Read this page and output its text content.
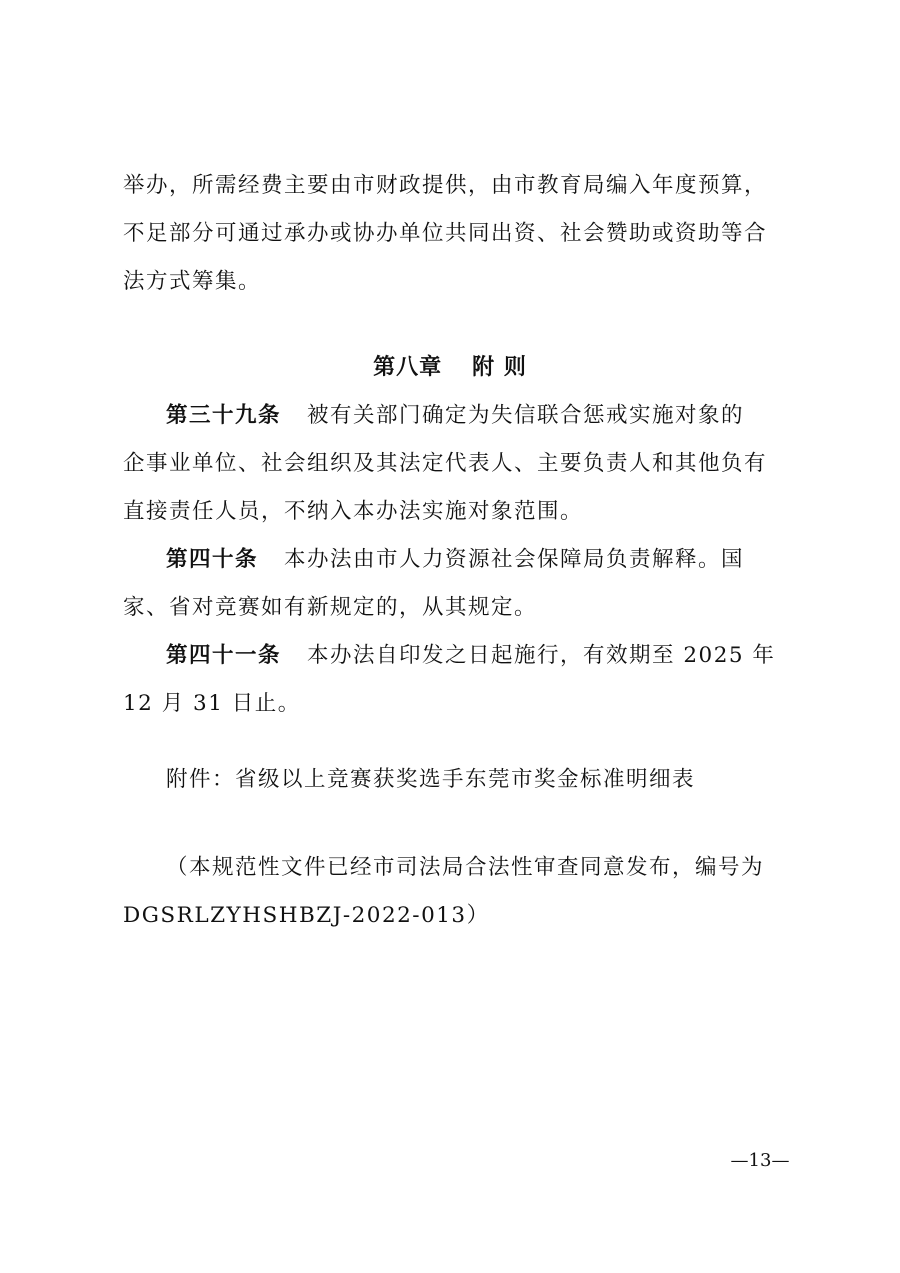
举办，所需经费主要由市财政提供，由市教育局编入年度预算，
不足部分可通过承办或协办单位共同出资、社会赞助或资助等合
法方式筹集。
第八章 附 则
第三十九条 被有关部门确定为失信联合惩戒实施对象的
企事业单位、社会组织及其法定代表人、主要负责人和其他负有
直接责任人员，不纳入本办法实施对象范围。
第四十条 本办法由市人力资源社会保障局负责解释。国
家、省对竞赛如有新规定的，从其规定。
第四十一条 本办法自印发之日起施行，有效期至 2025 年
12 月 31 日止。
附件：省级以上竞赛获奖选手东莞市奖金标准明细表
（本规范性文件已经市司法局合法性审查同意发布，编号为
DGSRLZYHSHBZJ-2022-013）
—13—
